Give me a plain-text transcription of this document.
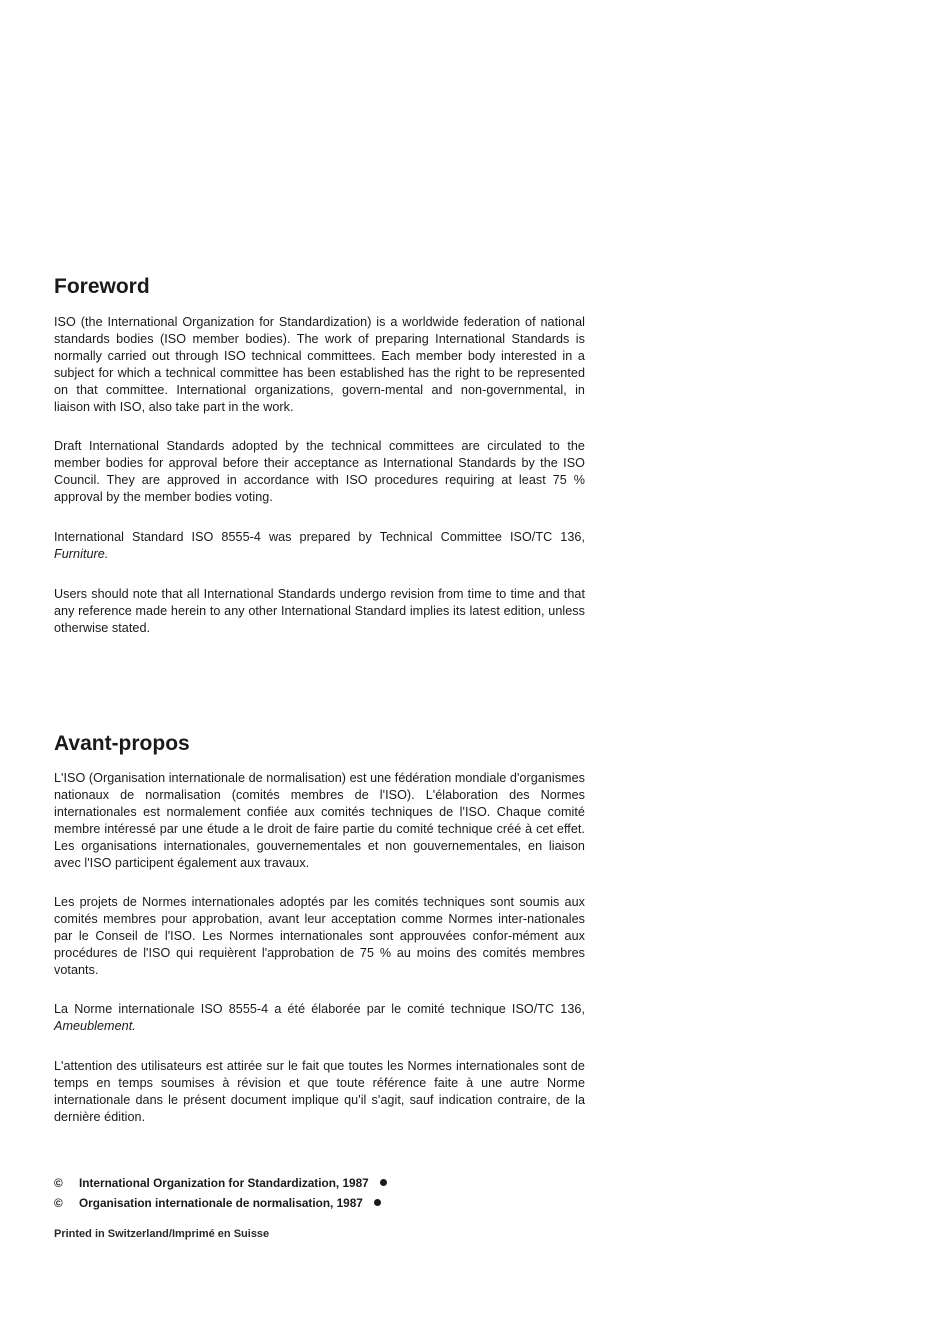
Foreword

ISO (the International Organization for Standardization) is a worldwide federation of national standards bodies (ISO member bodies). The work of preparing International Standards is normally carried out through ISO technical committees. Each member body interested in a subject for which a technical committee has been established has the right to be represented on that committee. International organizations, govern-mental and non-governmental, in liaison with ISO, also take part in the work.

Draft International Standards adopted by the technical committees are circulated to the member bodies for approval before their acceptance as International Standards by the ISO Council. They are approved in accordance with ISO procedures requiring at least 75 % approval by the member bodies voting.

International Standard ISO 8555-4 was prepared by Technical Committee ISO/TC 136, Furniture.

Users should note that all International Standards undergo revision from time to time and that any reference made herein to any other International Standard implies its latest edition, unless otherwise stated.

Avant-propos

L'ISO (Organisation internationale de normalisation) est une fédération mondiale d'organismes nationaux de normalisation (comités membres de l'ISO). L'élaboration des Normes internationales est normalement confiée aux comités techniques de l'ISO. Chaque comité membre intéressé par une étude a le droit de faire partie du comité technique créé à cet effet. Les organisations internationales, gouvernementales et non gouvernementales, en liaison avec l'ISO participent également aux travaux.

Les projets de Normes internationales adoptés par les comités techniques sont soumis aux comités membres pour approbation, avant leur acceptation comme Normes inter-nationales par le Conseil de l'ISO. Les Normes internationales sont approuvées confor-mément aux procédures de l'ISO qui requièrent l'approbation de 75 % au moins des comités membres votants.

La Norme internationale ISO 8555-4 a été élaborée par le comité technique ISO/TC 136, Ameublement.

L'attention des utilisateurs est attirée sur le fait que toutes les Normes internationales sont de temps en temps soumises à révision et que toute référence faite à une autre Norme internationale dans le présent document implique qu'il s'agit, sauf indication contraire, de la dernière édition.

© International Organization for Standardization, 1987
© Organisation internationale de normalisation, 1987
Printed in Switzerland/Imprimé en Suisse
